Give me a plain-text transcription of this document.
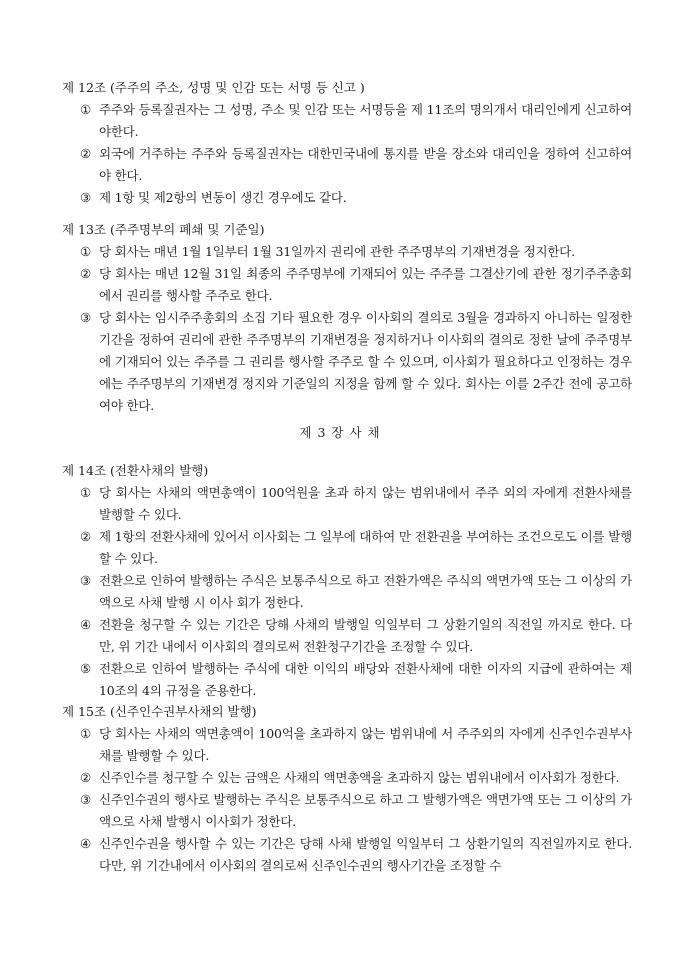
제 12조 (주주의 주소, 성명 및 인감 또는 서명 등 신고 )
① 주주와 등록질권자는 그 성명, 주소 및 인감 또는 서명등을 제 11조의 명의개서 대리인에게 신고하여야한다.
② 외국에 거주하는 주주와 등록질권자는 대한민국내에 통지를 받을 장소와 대리인을 정하여 신고하여야 한다.
③ 제 1항 및 제2항의 변동이 생긴 경우에도 같다.
제 13조 (주주명부의 폐쇄 및 기준일)
① 당 회사는 매년 1월 1일부터 1월 31일까지 권리에 관한 주주명부의 기재변경을 정지한다.
② 당 회사는 매년 12월 31일 최종의 주주명부에 기재되어 있는 주주를 그결산기에 관한 정기주주총회에서 권리를 행사할 주주로 한다.
③ 당 회사는 임시주주총회의 소집 기타 필요한 경우 이사회의 결의로 3월을 경과하지 아니하는 일정한 기간을 정하여 권리에 관한 주주명부의 기재변경을 정지하거나 이사회의 결의로 정한 날에 주주명부에 기재되어 있는 주주를 그 권리를 행사할 주주로 할 수 있으며, 이사회가 필요하다고 인정하는 경우에는 주주명부의 기재변경 정지와 기준일의 지정을 함께 할 수 있다. 회사는 이를 2주간 전에 공고하여야 한다.
제 3 장 사 채
제 14조 (전환사채의 발행)
① 당 회사는 사채의 액면총액이 100억원을 초과 하지 않는 범위내에서 주주 외의 자에게 전환사채를 발행할 수 있다.
② 제 1항의 전환사채에 있어서 이사회는 그 일부에 대하여 만 전환권을 부여하는 조건으로도 이를 발행할 수 있다.
③ 전환으로 인하여 발행하는 주식은 보통주식으로 하고 전환가액은 주식의 액면가액 또는 그 이상의 가액으로 사채 발행 시 이사 회가 정한다.
④ 전환을 청구할 수 있는 기간은 당해 사채의 발행일 익일부터 그 상환기일의 직전일 까지로 한다. 다만, 위 기간 내에서 이사회의 결의로써 전환청구기간을 조정할 수 있다.
⑤ 전환으로 인하여 발행하는 주식에 대한 이익의 배당와 전환사채에 대한 이자의 지급에 관하여는 제 10조의 4의 규정을 준용한다.
제 15조 (신주인수권부사채의 발행)
① 당 회사는 사채의 액면총액이 100억을 초과하지 않는 범위내에 서 주주외의 자에게 신주인수권부사채를 발행할 수 있다.
② 신주인수를 청구할 수 있는 금액은 사채의 액면총액을 초과하지 않는 범위내에서 이사회가 정한다.
③ 신주인수권의 행사로 발행하는 주식은 보통주식으로 하고 그 발행가액은 액면가액 또는 그 이상의 가액으로 사채 발행시 이사회가 정한다.
④ 신주인수권을 행사할 수 있는 기간은 당해 사채 발행일 익일부터 그 상환기일의 직전일까지로 한다. 다만, 위 기간내에서 이사회의 결의로써 신주인수권의 행사기간을 조정할 수
